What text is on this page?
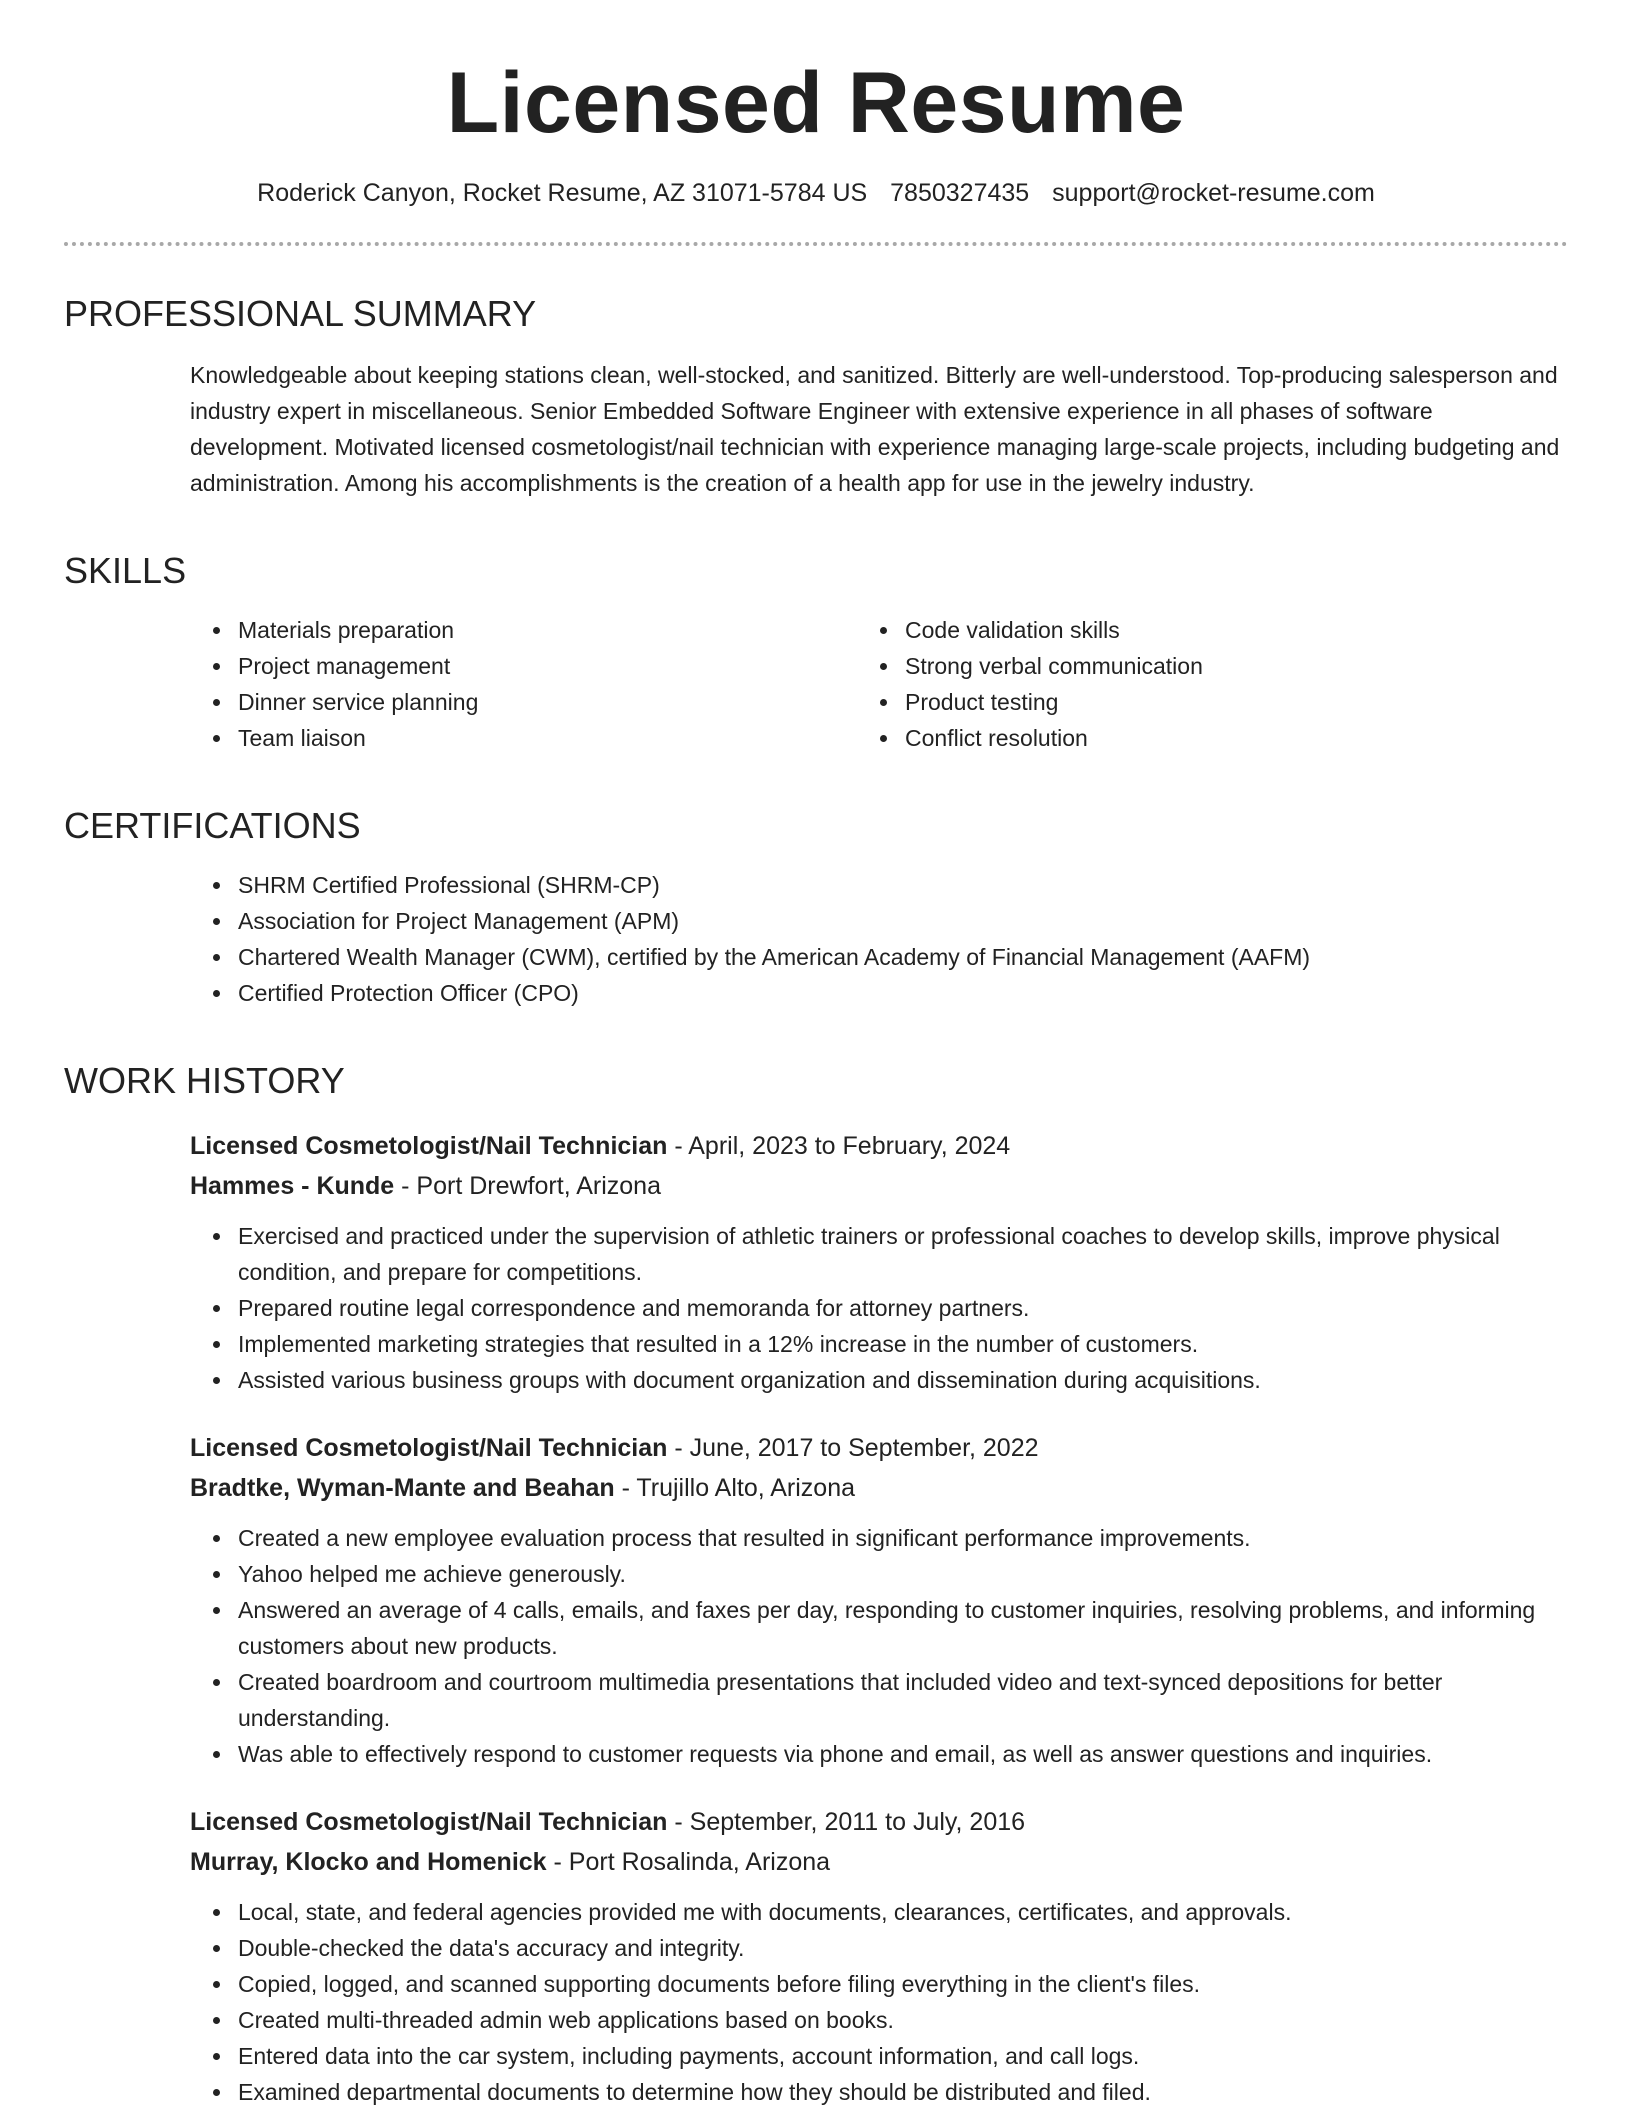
Licensed Resume
Roderick Canyon, Rocket Resume, AZ 31071-5784 US 7850327435 support@rocket-resume.com
PROFESSIONAL SUMMARY

Knowledgeable about keeping stations clean, well-stocked, and sanitized. Bitterly are well-understood. Top-producing salesperson and industry expert in miscellaneous. Senior Embedded Software Engineer with extensive experience in all phases of software development. Motivated licensed cosmetologist/nail technician with experience managing large-scale projects, including budgeting and administration. Among his accomplishments is the creation of a health app for use in the jewelry industry.

SKILLS
• Materials preparation
• Project management
• Dinner service planning
• Team liaison
• Code validation skills
• Strong verbal communication
• Product testing
• Conflict resolution
CERTIFICATIONS
• SHRM Certified Professional (SHRM-CP)
• Association for Project Management (APM)
• Chartered Wealth Manager (CWM), certified by the American Academy of Financial Management (AAFM)
• Certified Protection Officer (CPO)
WORK HISTORY
Licensed Cosmetologist/Nail Technician - April, 2023 to February, 2024
Hammes - Kunde - Port Drewfort, Arizona
• Exercised and practiced under the supervision of athletic trainers or professional coaches to develop skills, improve physical condition, and prepare for competitions.
• Prepared routine legal correspondence and memoranda for attorney partners.
• Implemented marketing strategies that resulted in a 12% increase in the number of customers.
• Assisted various business groups with document organization and dissemination during acquisitions.
Licensed Cosmetologist/Nail Technician - June, 2017 to September, 2022
Bradtke, Wyman-Mante and Beahan - Trujillo Alto, Arizona
• Created a new employee evaluation process that resulted in significant performance improvements.
• Yahoo helped me achieve generously.
• Answered an average of 4 calls, emails, and faxes per day, responding to customer inquiries, resolving problems, and informing customers about new products.
• Created boardroom and courtroom multimedia presentations that included video and text-synced depositions for better understanding.
• Was able to effectively respond to customer requests via phone and email, as well as answer questions and inquiries.
Licensed Cosmetologist/Nail Technician - September, 2011 to July, 2016
Murray, Klocko and Homenick - Port Rosalinda, Arizona
• Local, state, and federal agencies provided me with documents, clearances, certificates, and approvals.
• Double-checked the data's accuracy and integrity.
• Copied, logged, and scanned supporting documents before filing everything in the client's files.
• Created multi-threaded admin web applications based on books.
• Entered data into the car system, including payments, account information, and call logs.
• Examined departmental documents to determine how they should be distributed and filed.
